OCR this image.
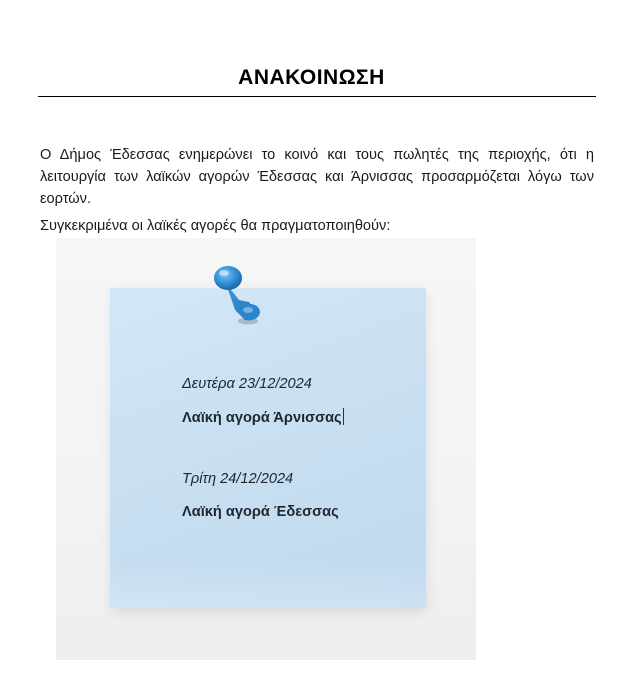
ΑΝΑΚΟΙΝΩΣΗ
Ο Δήμος Έδεσσας ενημερώνει το κοινό και τους πωλητές της περιοχής, ότι η λειτουργία των λαϊκών αγορών Έδεσσας και Άρνισσας προσαρμόζεται λόγω των εορτών.
Συγκεκριμένα οι λαϊκές αγορές θα πραγματοποιηθούν:
Δευτέρα 23/12/2024
Λαϊκή αγορά Άρνισσας
Τρίτη 24/12/2024
Λαϊκή αγορά Έδεσσας
